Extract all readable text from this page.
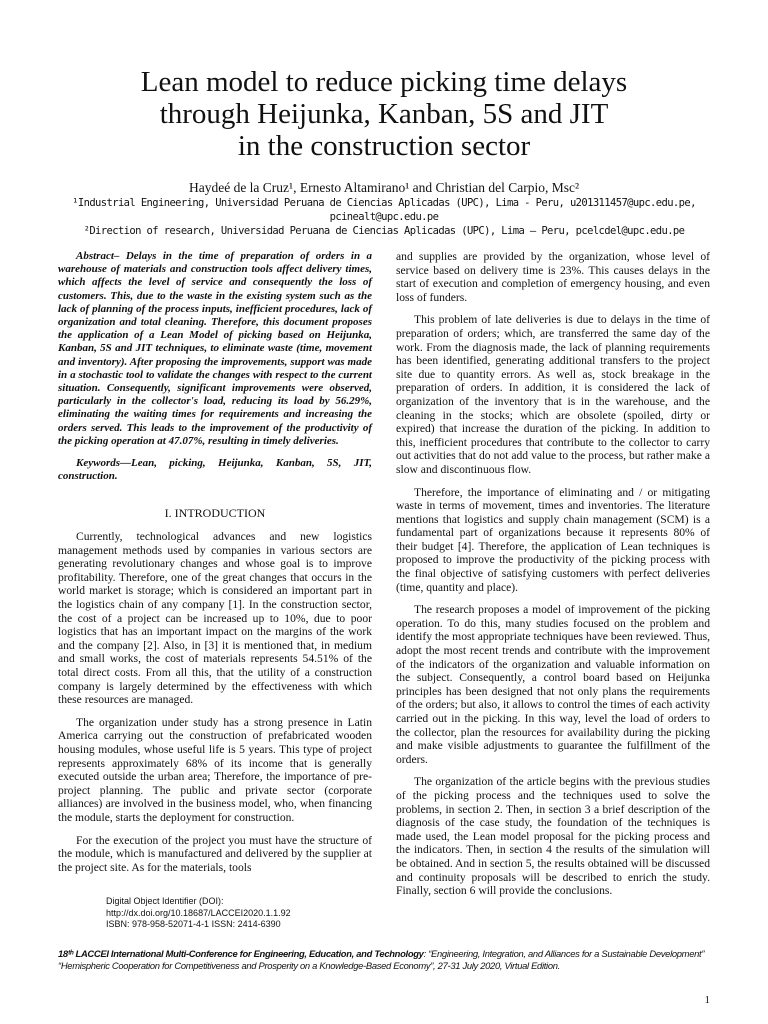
Lean model to reduce picking time delays
through Heijunka, Kanban, 5S and JIT
in the construction sector
Haydeé de la Cruz¹, Ernesto Altamirano¹ and Christian del Carpio, Msc²
¹Industrial Engineering, Universidad Peruana de Ciencias Aplicadas (UPC), Lima - Peru, u201311457@upc.edu.pe,
pcinealt@upc.edu.pe
²Direction of research, Universidad Peruana de Ciencias Aplicadas (UPC), Lima – Peru, pcelcdel@upc.edu.pe

Abstract– Delays in the time of preparation of orders in a warehouse of materials and construction tools affect delivery times, which affects the level of service and consequently the loss of customers. This, due to the waste in the existing system such as the lack of planning of the process inputs, inefficient procedures, lack of organization and total cleaning. Therefore, this document proposes the application of a Lean Model of picking based on Heijunka, Kanban, 5S and JIT techniques, to eliminate waste (time, movement and inventory). After proposing the improvements, support was made in a stochastic tool to validate the changes with respect to the current situation. Consequently, significant improvements were observed, particularly in the collector's load, reducing its load by 56.29%, eliminating the waiting times for requirements and increasing the orders served. This leads to the improvement of the productivity of the picking operation at 47.07%, resulting in timely deliveries.

Keywords—Lean, picking, Heijunka, Kanban, 5S, JIT, construction.

I. INTRODUCTION

Currently, technological advances and new logistics management methods used by companies in various sectors are generating revolutionary changes and whose goal is to improve profitability. Therefore, one of the great changes that occurs in the world market is storage; which is considered an important part in the logistics chain of any company [1]. In the construction sector, the cost of a project can be increased up to 10%, due to poor logistics that has an important impact on the margins of the work and the company [2]. Also, in [3] it is mentioned that, in medium and small works, the cost of materials represents 54.51% of the total direct costs. From all this, that the utility of a construction company is largely determined by the effectiveness with which these resources are managed.

The organization under study has a strong presence in Latin America carrying out the construction of prefabricated wooden housing modules, whose useful life is 5 years. This type of project represents approximately 68% of its income that is generally executed outside the urban area; Therefore, the importance of pre-project planning. The public and private sector (corporate alliances) are involved in the business model, who, when financing the module, starts the deployment for construction.

For the execution of the project you must have the structure of the module, which is manufactured and delivered by the supplier at the project site. As for the materials, tools

and supplies are provided by the organization, whose level of service based on delivery time is 23%. This causes delays in the start of execution and completion of emergency housing, and even loss of funders.

This problem of late deliveries is due to delays in the time of preparation of orders; which, are transferred the same day of the work. From the diagnosis made, the lack of planning requirements has been identified, generating additional transfers to the project site due to quantity errors. As well as, stock breakage in the preparation of orders. In addition, it is considered the lack of organization of the inventory that is in the warehouse, and the cleaning in the stocks; which are obsolete (spoiled, dirty or expired) that increase the duration of the picking. In addition to this, inefficient procedures that contribute to the collector to carry out activities that do not add value to the process, but rather make a slow and discontinuous flow.

Therefore, the importance of eliminating and / or mitigating waste in terms of movement, times and inventories. The literature mentions that logistics and supply chain management (SCM) is a fundamental part of organizations because it represents 80% of their budget [4]. Therefore, the application of Lean techniques is proposed to improve the productivity of the picking process with the final objective of satisfying customers with perfect deliveries (time, quantity and place).

The research proposes a model of improvement of the picking operation. To do this, many studies focused on the problem and identify the most appropriate techniques have been reviewed. Thus, adopt the most recent trends and contribute with the improvement of the indicators of the organization and valuable information on the subject. Consequently, a control board based on Heijunka principles has been designed that not only plans the requirements of the orders; but also, it allows to control the times of each activity carried out in the picking. In this way, level the load of orders to the collector, plan the resources for availability during the picking and make visible adjustments to guarantee the fulfillment of the orders.

The organization of the article begins with the previous studies of the picking process and the techniques used to solve the problems, in section 2. Then, in section 3 a brief description of the diagnosis of the case study, the foundation of the techniques is made used, the Lean model proposal for the picking process and the indicators. Then, in section 4 the results of the simulation will be obtained. And in section 5, the results obtained will be discussed and continuity proposals will be described to enrich the study. Finally, section 6 will provide the conclusions.

Digital Object Identifier (DOI):
http://dx.doi.org/10.18687/LACCEI2020.1.1.92
ISBN: 978-958-52071-4-1 ISSN: 2414-6390
18ᵗʰ LACCEI International Multi-Conference for Engineering, Education, and Technology: “Engineering, Integration, and Alliances for a Sustainable Development” “Hemispheric Cooperation for Competitiveness and Prosperity on a Knowledge-Based Economy”, 27-31 July 2020, Virtual Edition.
1
